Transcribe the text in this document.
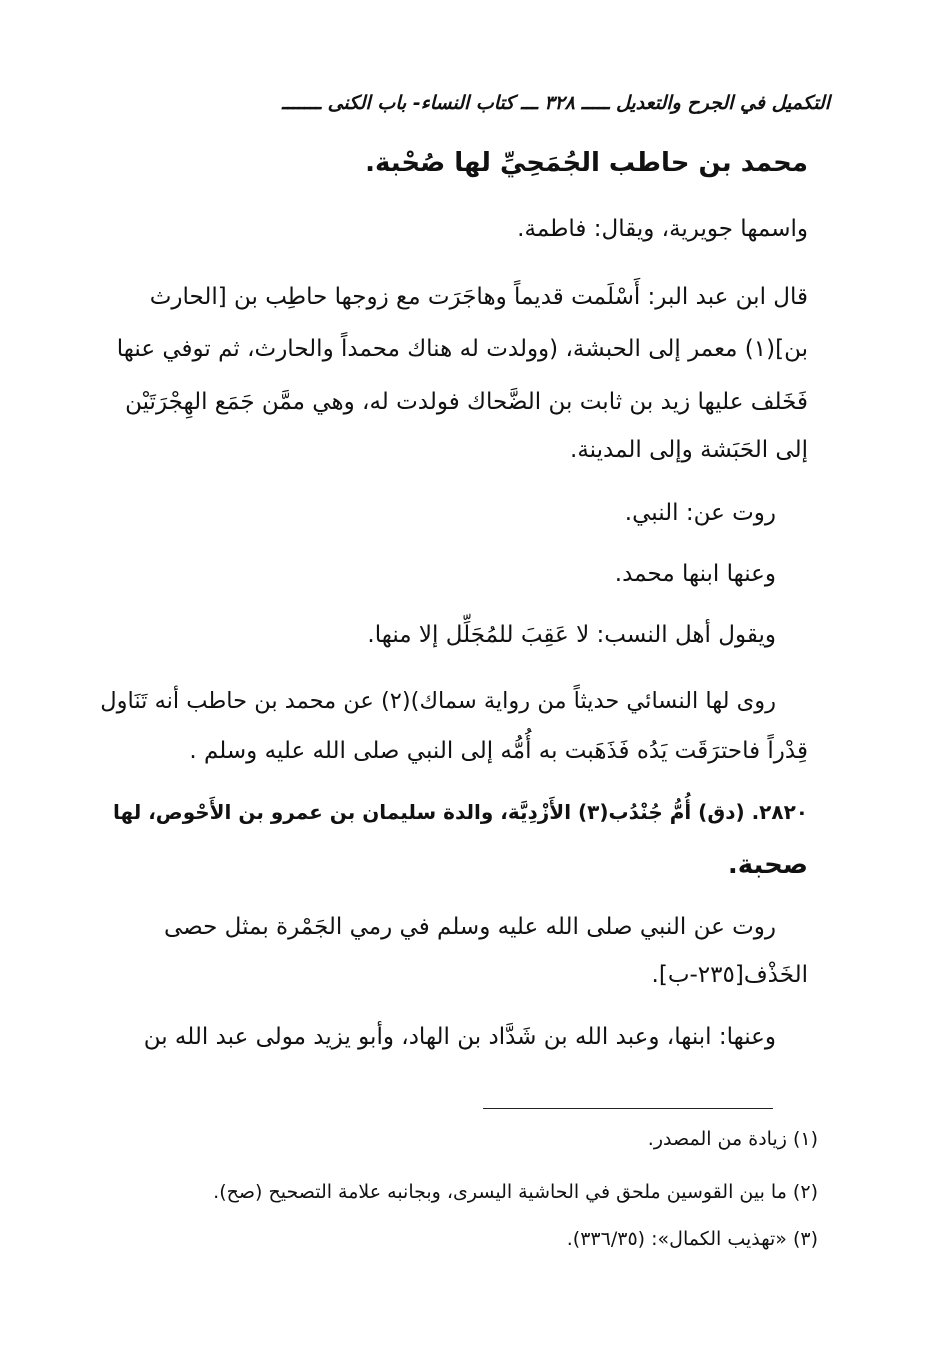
التكميل في الجرح والتعديل ـــــ ٣٢٨ ـــ كتاب النساء- باب الكنى ـــــــ
محمد بن حاطب الجُمَحِيِّ لها صُحْبة.
واسمها جويرية، ويقال: فاطمة.
قال ابن عبد البر: أَسْلَمت قديماً وهاجَرَت مع زوجها حاطِب بن [الحارث
بن](١) معمر إلى الحبشة، (وولدت له هناك محمداً والحارث، ثم توفي عنها
فَخَلف عليها زيد بن ثابت بن الضَّحاك فولدت له، وهي ممَّن جَمَع الهِجْرَتَيْن
إلى الحَبَشة وإلى المدينة.
روت عن: النبي.
وعنها ابنها محمد.
ويقول أهل النسب: لا عَقِبَ للمُجَلِّل إلا منها.
روى لها النسائي حديثاً من رواية سماك)(٢) عن محمد بن حاطب أنه تَنَاول
قِدْراً فاحترَقَت يَدُه فَذَهَبت به أُمُّه إلى النبي صلى الله عليه وسلم .
٢٨٢٠. (دق) أُمُّ جُنْدُب(٣) الأَزْدِيَّة، والدة سليمان بن عمرو بن الأَحْوص، لها
صحبة.
روت عن النبي صلى الله عليه وسلم في رمي الجَمْرة بمثل حصى
الخَذْف[٢٣٥-ب].
وعنها: ابنها، وعبد الله بن شَدَّاد بن الهاد، وأبو يزيد مولى عبد الله بن
(١) زيادة من المصدر.
(٢) ما بين القوسين ملحق في الحاشية اليسرى، وبجانبه علامة التصحيح (صح).
(٣) «تهذيب الكمال»: (٣٣٦/٣٥).
